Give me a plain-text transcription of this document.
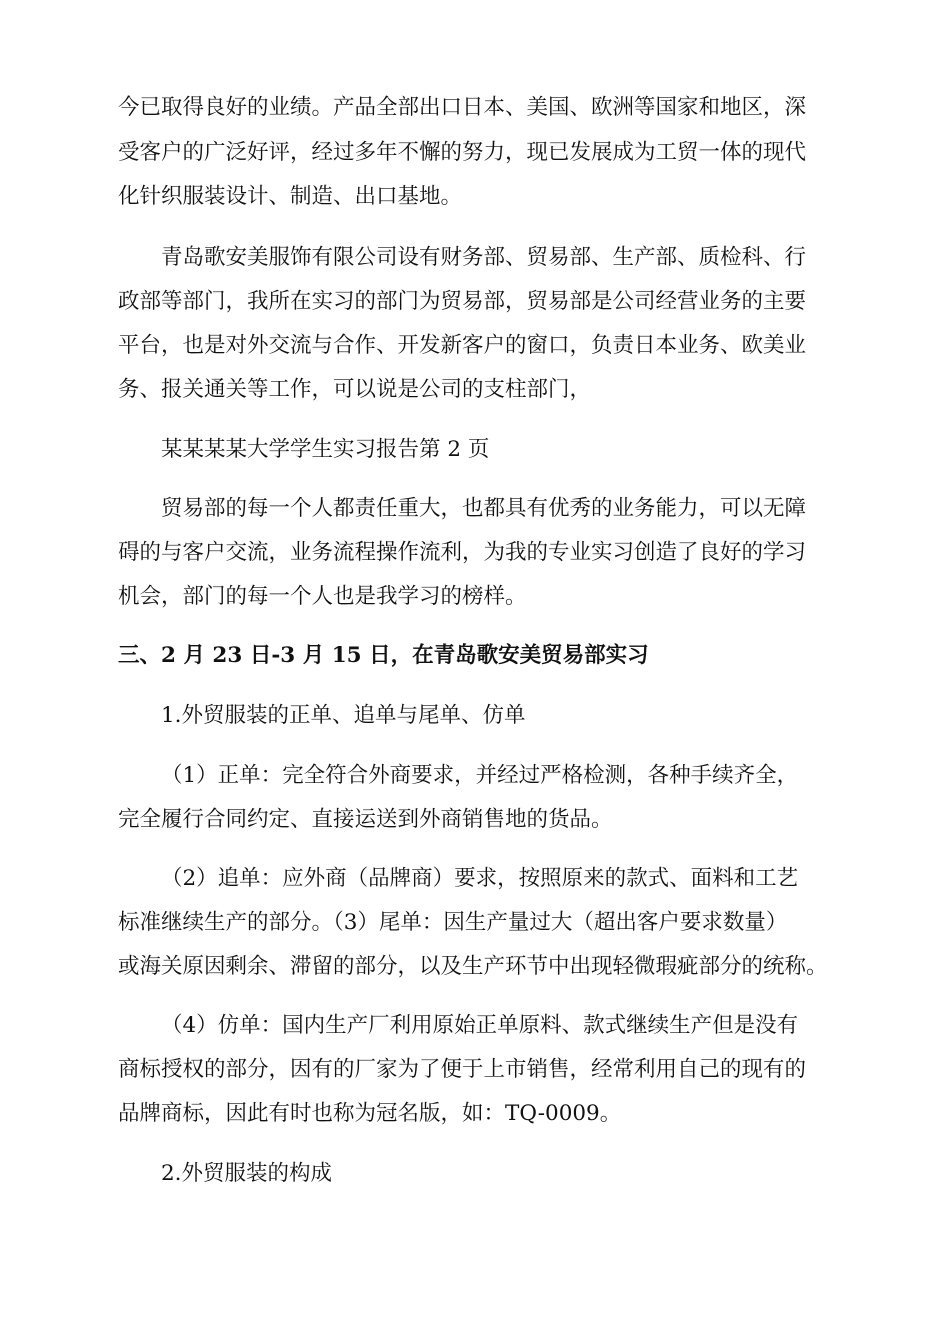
今已取得良好的业绩。产品全部出口日本、美国、欧洲等国家和地区，深
受客户的广泛好评，经过多年不懈的努力，现已发展成为工贸一体的现代
化针织服装设计、制造、出口基地。
青岛歌安美服饰有限公司设有财务部、贸易部、生产部、质检科、行
政部等部门，我所在实习的部门为贸易部，贸易部是公司经营业务的主要
平台，也是对外交流与合作、开发新客户的窗口，负责日本业务、欧美业
务、报关通关等工作，可以说是公司的支柱部门，
某某某某大学学生实习报告第 2 页
贸易部的每一个人都责任重大，也都具有优秀的业务能力，可以无障
碍的与客户交流，业务流程操作流利，为我的专业实习创造了良好的学习
机会，部门的每一个人也是我学习的榜样。
三、2 月 23 日-3 月 15 日，在青岛歌安美贸易部实习
1.外贸服装的正单、追单与尾单、仿单
（1）正单：完全符合外商要求，并经过严格检测，各种手续齐全，
完全履行合同约定、直接运送到外商销售地的货品。
（2）追单：应外商（品牌商）要求，按照原来的款式、面料和工艺
标准继续生产的部分。（3）尾单：因生产量过大（超出客户要求数量）
或海关原因剩余、滞留的部分，以及生产环节中出现轻微瑕疵部分的统称。
（4）仿单：国内生产厂利用原始正单原料、款式继续生产但是没有
商标授权的部分，因有的厂家为了便于上市销售，经常利用自己的现有的
品牌商标，因此有时也称为冠名版，如：TQ-0009。
2.外贸服装的构成
